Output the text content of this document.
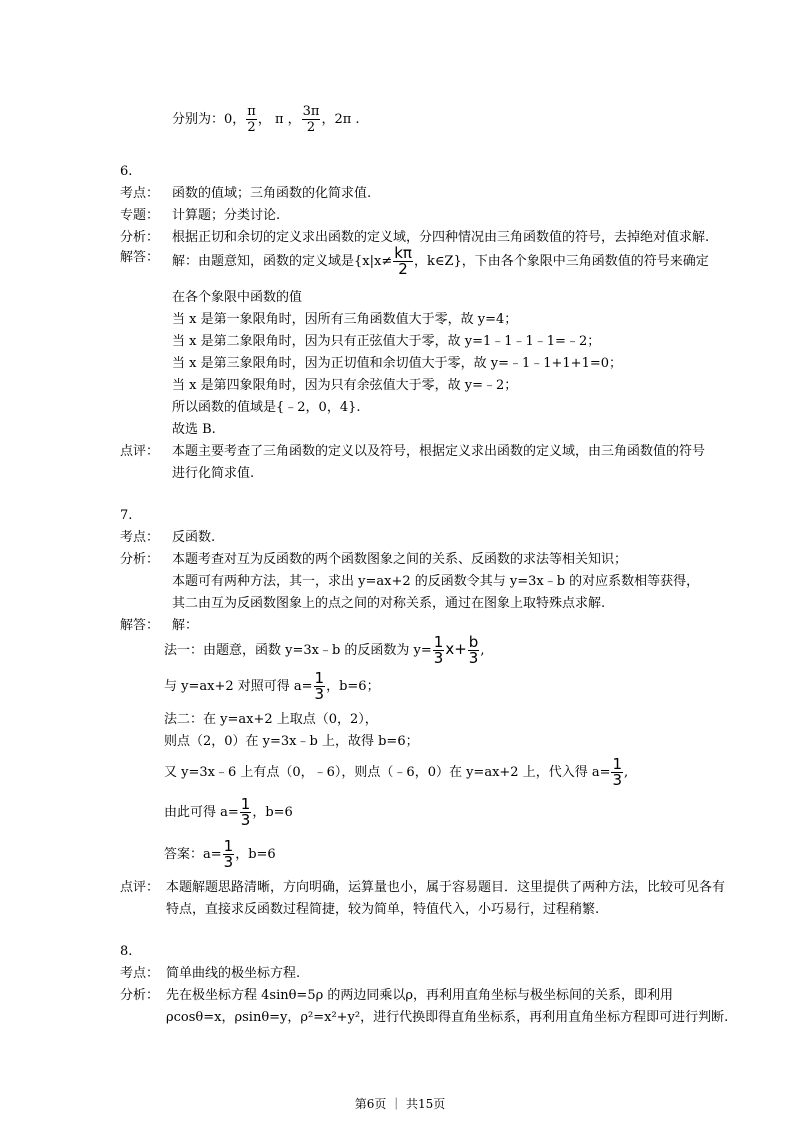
分别为：0， $\frac{\pi}{2}$ ， π ， $\frac{3\pi}{2}$ ，2π .
6.
考点： 函数的值域；三角函数的化简求值.
专题： 计算题；分类讨论.
分析： 根据正切和余切的定义求出函数的定义域，分四种情况由三角函数值的符号，去掉绝对值求解.
解答： 解：由题意知，函数的定义域是{$x|x\ne \frac{k\pi}{2}$ ，k∈Z}，下由各个象限中三角函数值的符号来确定
在各个象限中函数的值
当 x 是第一象限角时，因所有三角函数值大于零，故 y=4；
当 x 是第二象限角时，因为只有正弦值大于零，故 y=1﹣1﹣1﹣1=﹣2；
当 x 是第三象限角时，因为正切值和余切值大于零，故 y=﹣1﹣1+1+1=0；
当 x 是第四象限角时，因为只有余弦值大于零，故 y=﹣2；
所以函数的值域是{﹣2，0，4}.
故选 B.
点评： 本题主要考查了三角函数的定义以及符号，根据定义求出函数的定义域，由三角函数值的符号
进行化简求值.
7.
考点： 反函数.
分析： 本题考查对互为反函数的两个函数图象之间的关系、反函数的求法等相关知识；
本题可有两种方法，其一，求出 y=ax+2 的反函数令其与 y=3x﹣b 的对应系数相等获得，
其二由互为反函数图象上的点之间的对称关系，通过在图象上取特殊点求解.
解答： 解：
法一：由题意，函数 y=3x﹣b 的反函数为 $y= \frac{1}{3} x+ \frac{b}{3}$ ,
与 y=ax+2 对照可得 $a= \frac{1}{3}$ ，b=6；
法二：在 y=ax+2 上取点（0，2），
则点（2，0）在 y=3x﹣b 上，故得 b=6；
又 y=3x﹣6 上有点（0，﹣6），则点（﹣6，0）在 y=ax+2 上，代入得 $a= \frac{1}{3}$ ,
由此可得 $a= \frac{1}{3}$ ，b=6
答案：$a= \frac{1}{3}$ ，b=6
点评： 本题解题思路清晰，方向明确，运算量也小，属于容易题目．这里提供了两种方法，比较可见各有
特点，直接求反函数过程简捷，较为简单，特值代入，小巧易行，过程稍繁.
8.
考点： 简单曲线的极坐标方程.
分析： 先在极坐标方程 4sinθ=5ρ 的两边同乘以ρ，再利用直角坐标与极坐标间的关系，即利用
ρcosθ=x，ρsinθ=y，ρ²=x²+y²，进行代换即得直角坐标系，再利用直角坐标方程即可进行判断.
第6页 ｜ 共15页
